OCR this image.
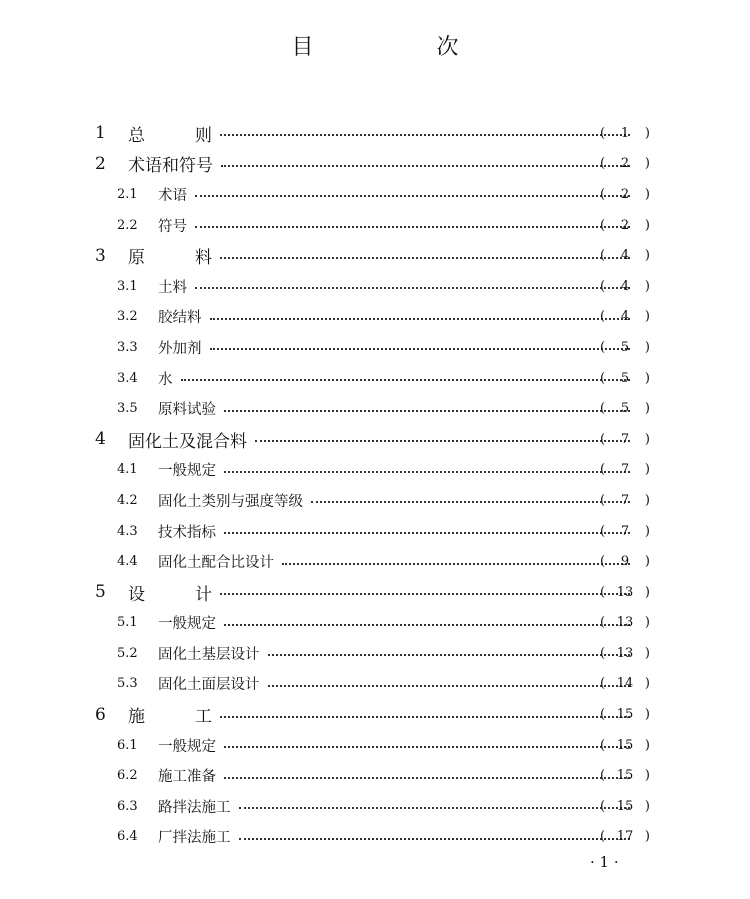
目 次
1 总	则	(	1	)
2 术语和符号	(	2	)
2.1 术语	(	2	)
2.2 符号	(	2	)
3 原	料	(	4	)
3.1 土料	(	4	)
3.2 胶结料	(	4	)
3.3 外加剂	(	5	)
3.4 水	(	5	)
3.5 原料试验	(	5	)
4 固化土及混合料	(	7	)
4.1 一般规定	(	7	)
4.2 固化土类别与强度等级	(	7	)
4.3 技术指标	(	7	)
4.4 固化土配合比设计	(	9	)
5 设	计	( 13 )
5.1 一般规定	( 13 )
5.2 固化土基层设计	( 13 )
5.3 固化土面层设计	( 14 )
6 施	工	( 15 )
6.1 一般规定	( 15 )
6.2 施工准备	( 15 )
6.3 路拌法施工	( 15 )
6.4 厂拌法施工	( 17 )
· 1 ·
